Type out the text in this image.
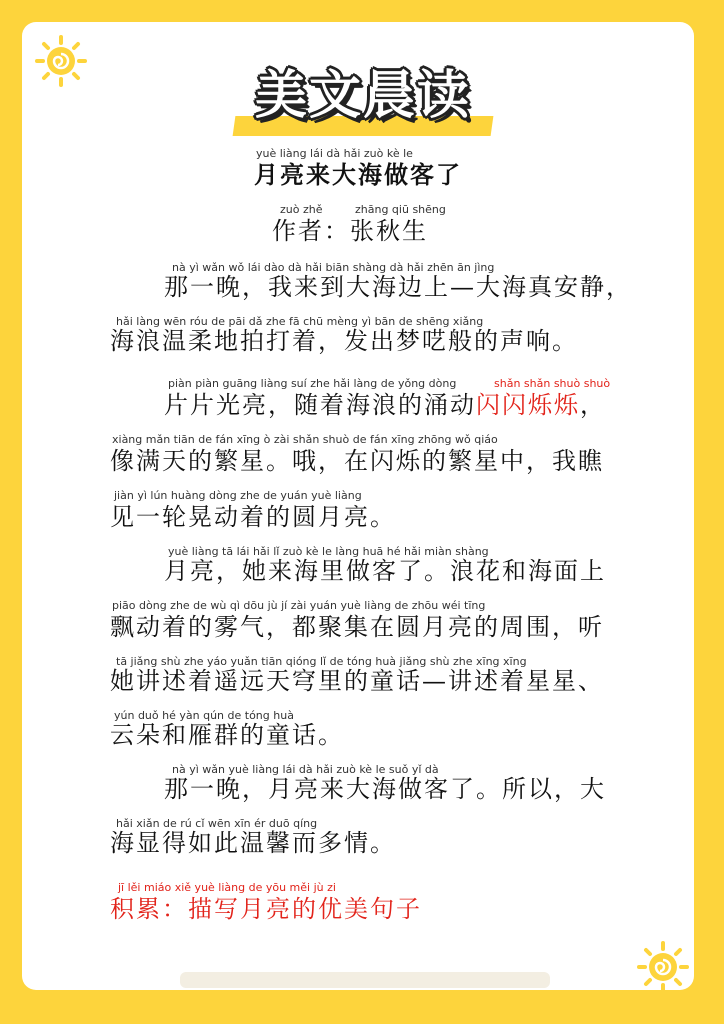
美文晨读
yuè liàng lái dà hǎi zuò kè le
月亮来大海做客了
zuò zhě	zhāng qiū shēng
作者：张秋生
nà yì wǎn wǒ lái dào dà hǎi biān shàng dà hǎi zhēn ān jìng
那一晚，我来到大海边上—大海真安静，
hǎi làng wēn róu de pāi dǎ zhe fā chū mèng yì bān de shēng xiǎng
海浪温柔地拍打着，发出梦呓般的声响。
piàn piàn guāng liàng suí zhe hǎi làng de yǒng dòng	shǎn shǎn shuò shuò
片片光亮，随着海浪的涌动闪闪烁烁，
xiàng mǎn tiān de fán xīng ò zài shǎn shuò de fán xīng zhōng wǒ qiáo
像满天的繁星。哦，在闪烁的繁星中，我瞧
jiàn yì lún huàng dòng zhe de yuán yuè liàng
见一轮晃动着的圆月亮。
yuè liàng tā lái hǎi lǐ zuò kè le làng huā hé hǎi miàn shàng
月亮，她来海里做客了。浪花和海面上
piāo dòng zhe de wù qì dōu jù jí zài yuán yuè liàng de zhōu wéi tīng
飘动着的雾气，都聚集在圆月亮的周围，听
tā jiǎng shù zhe yáo yuǎn tiān qióng lǐ de tóng huà jiǎng shù zhe xīng xīng
她讲述着遥远天穹里的童话—讲述着星星、
yún duǒ hé yàn qún de tóng huà
云朵和雁群的童话。
nà yì wǎn yuè liàng lái dà hǎi zuò kè le suǒ yǐ dà
那一晚，月亮来大海做客了。所以，大
hǎi xiǎn de rú cǐ wēn xīn ér duō qíng
海显得如此温馨而多情。
jī lěi miáo xiě yuè liàng de yōu měi jù zi
积累：描写月亮的优美句子
